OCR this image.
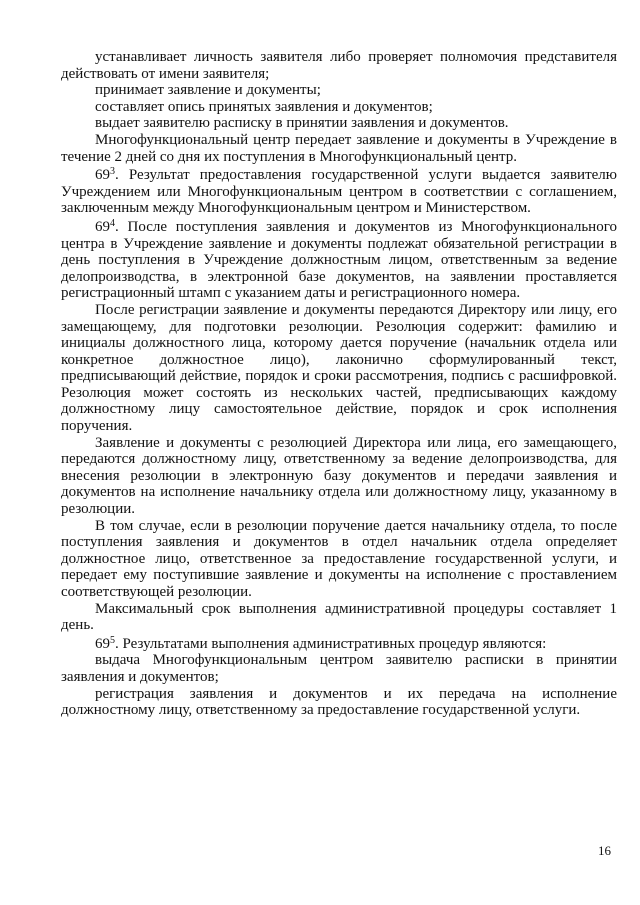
устанавливает личность заявителя либо проверяет полномочия представителя действовать от имени заявителя;

принимает заявление и документы;

составляет опись принятых заявления и документов;

выдает заявителю расписку в принятии заявления и документов.

Многофункциональный центр передает заявление и документы в Учреждение в течение 2 дней со дня их поступления в Многофункциональный центр.

$69^3$. Результат предоставления государственной услуги выдается заявителю Учреждением или Многофункциональным центром в соответствии с соглашением, заключенным между Многофункциональным центром и Министерством.

$69^4$. После поступления заявления и документов из Многофункционального центра в Учреждение заявление и документы подлежат обязательной регистрации в день поступления в Учреждение должностным лицом, ответственным за ведение делопроизводства, в электронной базе документов, на заявлении проставляется регистрационный штамп с указанием даты и регистрационного номера.

После регистрации заявление и документы передаются Директору или лицу, его замещающему, для подготовки резолюции. Резолюция содержит: фамилию и инициалы должностного лица, которому дается поручение (начальник отдела или конкретное должностное лицо), лаконично сформулированный текст, предписывающий действие, порядок и сроки рассмотрения, подпись с расшифровкой. Резолюция может состоять из нескольких частей, предписывающих каждому должностному лицу самостоятельное действие, порядок и срок исполнения поручения.

Заявление и документы с резолюцией Директора или лица, его замещающего, передаются должностному лицу, ответственному за ведение делопроизводства, для внесения резолюции в электронную базу документов и передачи заявления и документов на исполнение начальнику отдела или должностному лицу, указанному в резолюции.

В том случае, если в резолюции поручение дается начальнику отдела, то после поступления заявления и документов в отдел начальник отдела определяет должностное лицо, ответственное за предоставление государственной услуги, и передает ему поступившие заявление и документы на исполнение с проставлением соответствующей резолюции.

Максимальный срок выполнения административной процедуры составляет 1 день.

$69^5$. Результатами выполнения административных процедур являются:

выдача Многофункциональным центром заявителю расписки в принятии заявления и документов;

регистрация заявления и документов и их передача на исполнение должностному лицу, ответственному за предоставление государственной услуги.

16
